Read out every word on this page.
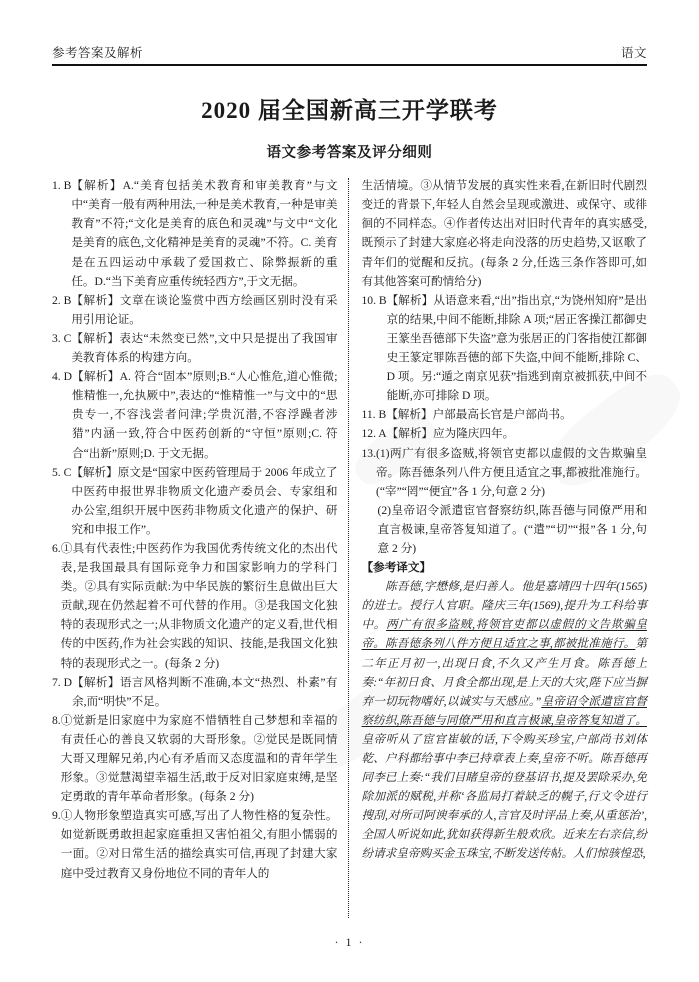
参考答案及解析	语文
2020 届全国新高三开学联考
语文参考答案及评分细则
1. B 【解析】A.“美育包括美术教育和审美教育”与文中“美育一般有两种用法,一种是美术教育,一种是审美教育”不符;“文化是美育的底色和灵魂”与文中“文化是美育的底色,文化精神是美育的灵魂”不符。C. 美育是在五四运动中承载了爱国救亡、除弊振新的重任。D.“当下美育应重传统轻西方”,于文无据。
2. B 【解析】文章在谈论鉴赏中西方绘画区别时没有采用引用论证。
3. C 【解析】表达“未然变已然”,文中只是提出了我国审美教育体系的构建方向。
4. D 【解析】A. 符合“固本”原则;B.“人心惟危,道心惟微;惟精惟一,允执厥中”,表达的“惟精惟一”与文中的“思贵专一,不容浅尝者问津;学贵沉潜,不容浮躁者涉猎”内涵一致,符合中医药创新的“守恒”原则;C. 符合“出新”原则;D. 于文无据。
5. C 【解析】原文是“国家中医药管理局于 2006 年成立了中医药申报世界非物质文化遗产委员会、专家组和办公室,组织开展中医药非物质文化遗产的保护、研究和申报工作”。
6. ①具有代表性;中医药作为我国优秀传统文化的杰出代表,是我国最具有国际竞争力和国家影响力的学科门类。②具有实际贡献:为中华民族的繁衍生息做出巨大贡献,现在仍然起着不可代替的作用。③是我国文化独特的表现形式之一;从非物质文化遗产的定义看,世代相传的中医药,作为社会实践的知识、技能,是我国文化独特的表现形式之一。(每条 2 分)
7. D 【解析】语言风格判断不准确,本文“热烈、朴素”有余,而“明快”不足。
8. ①觉新是旧家庭中为家庭不惜牺牲自己梦想和幸福的有责任心的善良又软弱的大哥形象。②觉民是既同情大哥又理解兄弟,内心有矛盾而又态度温和的青年学生形象。③觉慧渴望幸福生活,敢于反对旧家庭束缚,是坚定勇敢的青年革命者形象。(每条 2 分)
9. ①人物形象塑造真实可感,写出了人物性格的复杂性。如觉新既勇敢担起家庭重担又害怕祖父,有胆小懦弱的一面。②对日常生活的描绘真实可信,再现了封建大家庭中受过教育又身份地位不同的青年人的
生活情境。③从情节发展的真实性来看,在新旧时代剧烈变迁的背景下,年轻人自然会呈现或激进、或保守、或徘徊的不同样态。④作者传达出对旧时代青年的真实感受,既预示了封建大家庭必将走向没落的历史趋势,又讴歌了青年们的觉醒和反抗。(每条 2 分,任选三条作答即可,如有其他答案可酌情给分)
10. B 【解析】从语意来看,“出”指出京,“为饶州知府”是出京的结果,中间不能断,排除 A 项;“居正客操江都御史王篆坐吾德部下失盗”意为张居正的门客指使江都御史王篆定罪陈吾德的部下失盗,中间不能断,排除 C、D 项。另:“遁之南京见获”指逃到南京被抓获,中间不能断,亦可排除 D 项。
11. B 【解析】户部最高长官是户部尚书。
12. A 【解析】应为隆庆四年。
13. (1)两广有很多盗贼,将领官吏都以虚假的文告欺骗皇帝。陈吾德条列八件方便且适宜之事,都被批准施行。(“宰”“罔”“便宜”各 1 分,句意 2 分)
(2)皇帝诏令派遣宦官督察纺织,陈吾德与同僚严用和直言极谏,皇帝答复知道了。(“遣”“切”“报”各 1 分,句意 2 分)
【参考译文】
　　陈吾德,字懋修,是归善人。他是嘉靖四十四年(1565)的进士。授行人官职。隆庆三年(1569),提升为工科给事中。两广有很多盗贼,将领官吏都以虚假的文告欺骗皇帝。陈吾德条列八件方便且适宜之事,都被批准施行。第二年正月初一,出现日食,不久又产生月食。陈吾德上奏:“年初日食、月食全都出现,是上天的大灾,陛下应当摒弃一切玩物嗜好,以诚实与天感应。”皇帝诏令派遣宦官督察纺织,陈吾德与同僚严用和直言极谏,皇帝答复知道了。皇帝听从了宦官崔敏的话,下令购买珍宝,户部尚书刘体乾、户科都给事中李已持章表上奏,皇帝不听。陈吾德再同李已上奏:“我们目睹皇帝的登基诏书,提及罢除采办,免除加派的赋税,并称‘各监局打着缺乏的幌子,行文令进行搜刮,对所司阿谀奉承的人,言官及时评品上奏,从重惩治’,全国人听说如此,犹如获得新生般欢欣。近来左右亲信,纷纷请求皇帝购买金玉珠宝,不断发送传帖。人们惊骇惶恐,
· 1 ·
